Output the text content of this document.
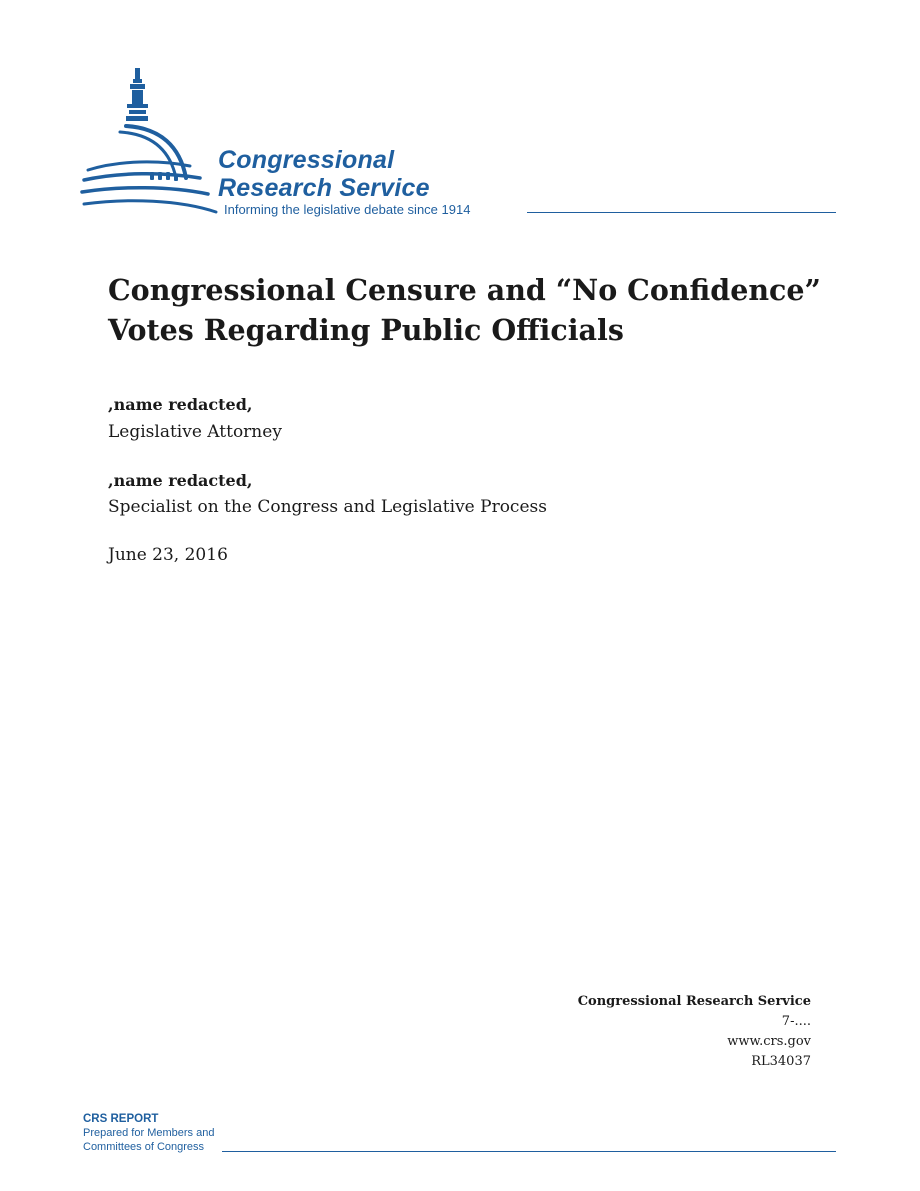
Congressional
Research Service
Informing the legislative debate since 1914
Congressional Censure and “No Confidence” Votes Regarding Public Officials
,name redacted,
Legislative Attorney
,name redacted,
Specialist on the Congress and Legislative Process
June 23, 2016
Congressional Research Service
7-....
www.crs.gov
RL34037
CRS REPORT
Prepared for Members and
Committees of Congress
